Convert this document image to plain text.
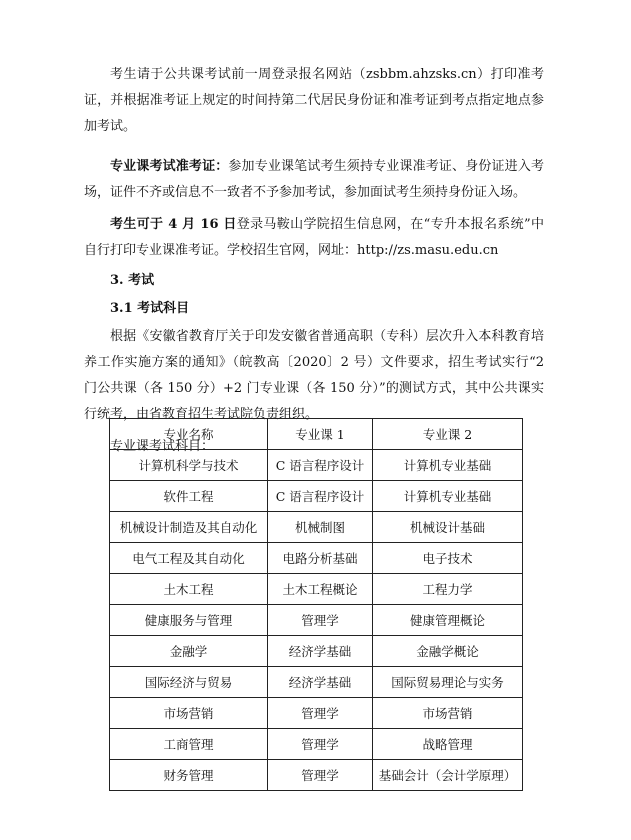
考生请于公共课考试前一周登录报名网站（zsbbm.ahzsks.cn）打印准考证，并根据准考证上规定的时间持第二代居民身份证和准考证到考点指定地点参加考试。

专业课考试准考证：参加专业课笔试考生须持专业课准考证、身份证进入考场，证件不齐或信息不一致者不予参加考试，参加面试考生须持身份证入场。

考生可于 4 月 16 日登录马鞍山学院招生信息网，在“专升本报名系统”中自行打印专业课准考证。学校招生官网，网址：http://zs.masu.edu.cn

3. 考试

3.1 考试科目

根据《安徽省教育厅关于印发安徽省普通高职（专科）层次升入本科教育培养工作实施方案的通知》（皖教高〔2020〕2 号）文件要求，招生考试实行“2 门公共课（各 150 分）+2 门专业课（各 150 分）”的测试方式，其中公共课实行统考，由省教育招生考试院负责组织。

专业课考试科目：

专业名称	专业课 1	专业课 2
计算机科学与技术	C 语言程序设计	计算机专业基础
软件工程	C 语言程序设计	计算机专业基础
机械设计制造及其自动化	机械制图	机械设计基础
电气工程及其自动化	电路分析基础	电子技术
土木工程	土木工程概论	工程力学
健康服务与管理	管理学	健康管理概论
金融学	经济学基础	金融学概论
国际经济与贸易	经济学基础	国际贸易理论与实务
市场营销	管理学	市场营销
工商管理	管理学	战略管理
财务管理	管理学	基础会计（会计学原理）
